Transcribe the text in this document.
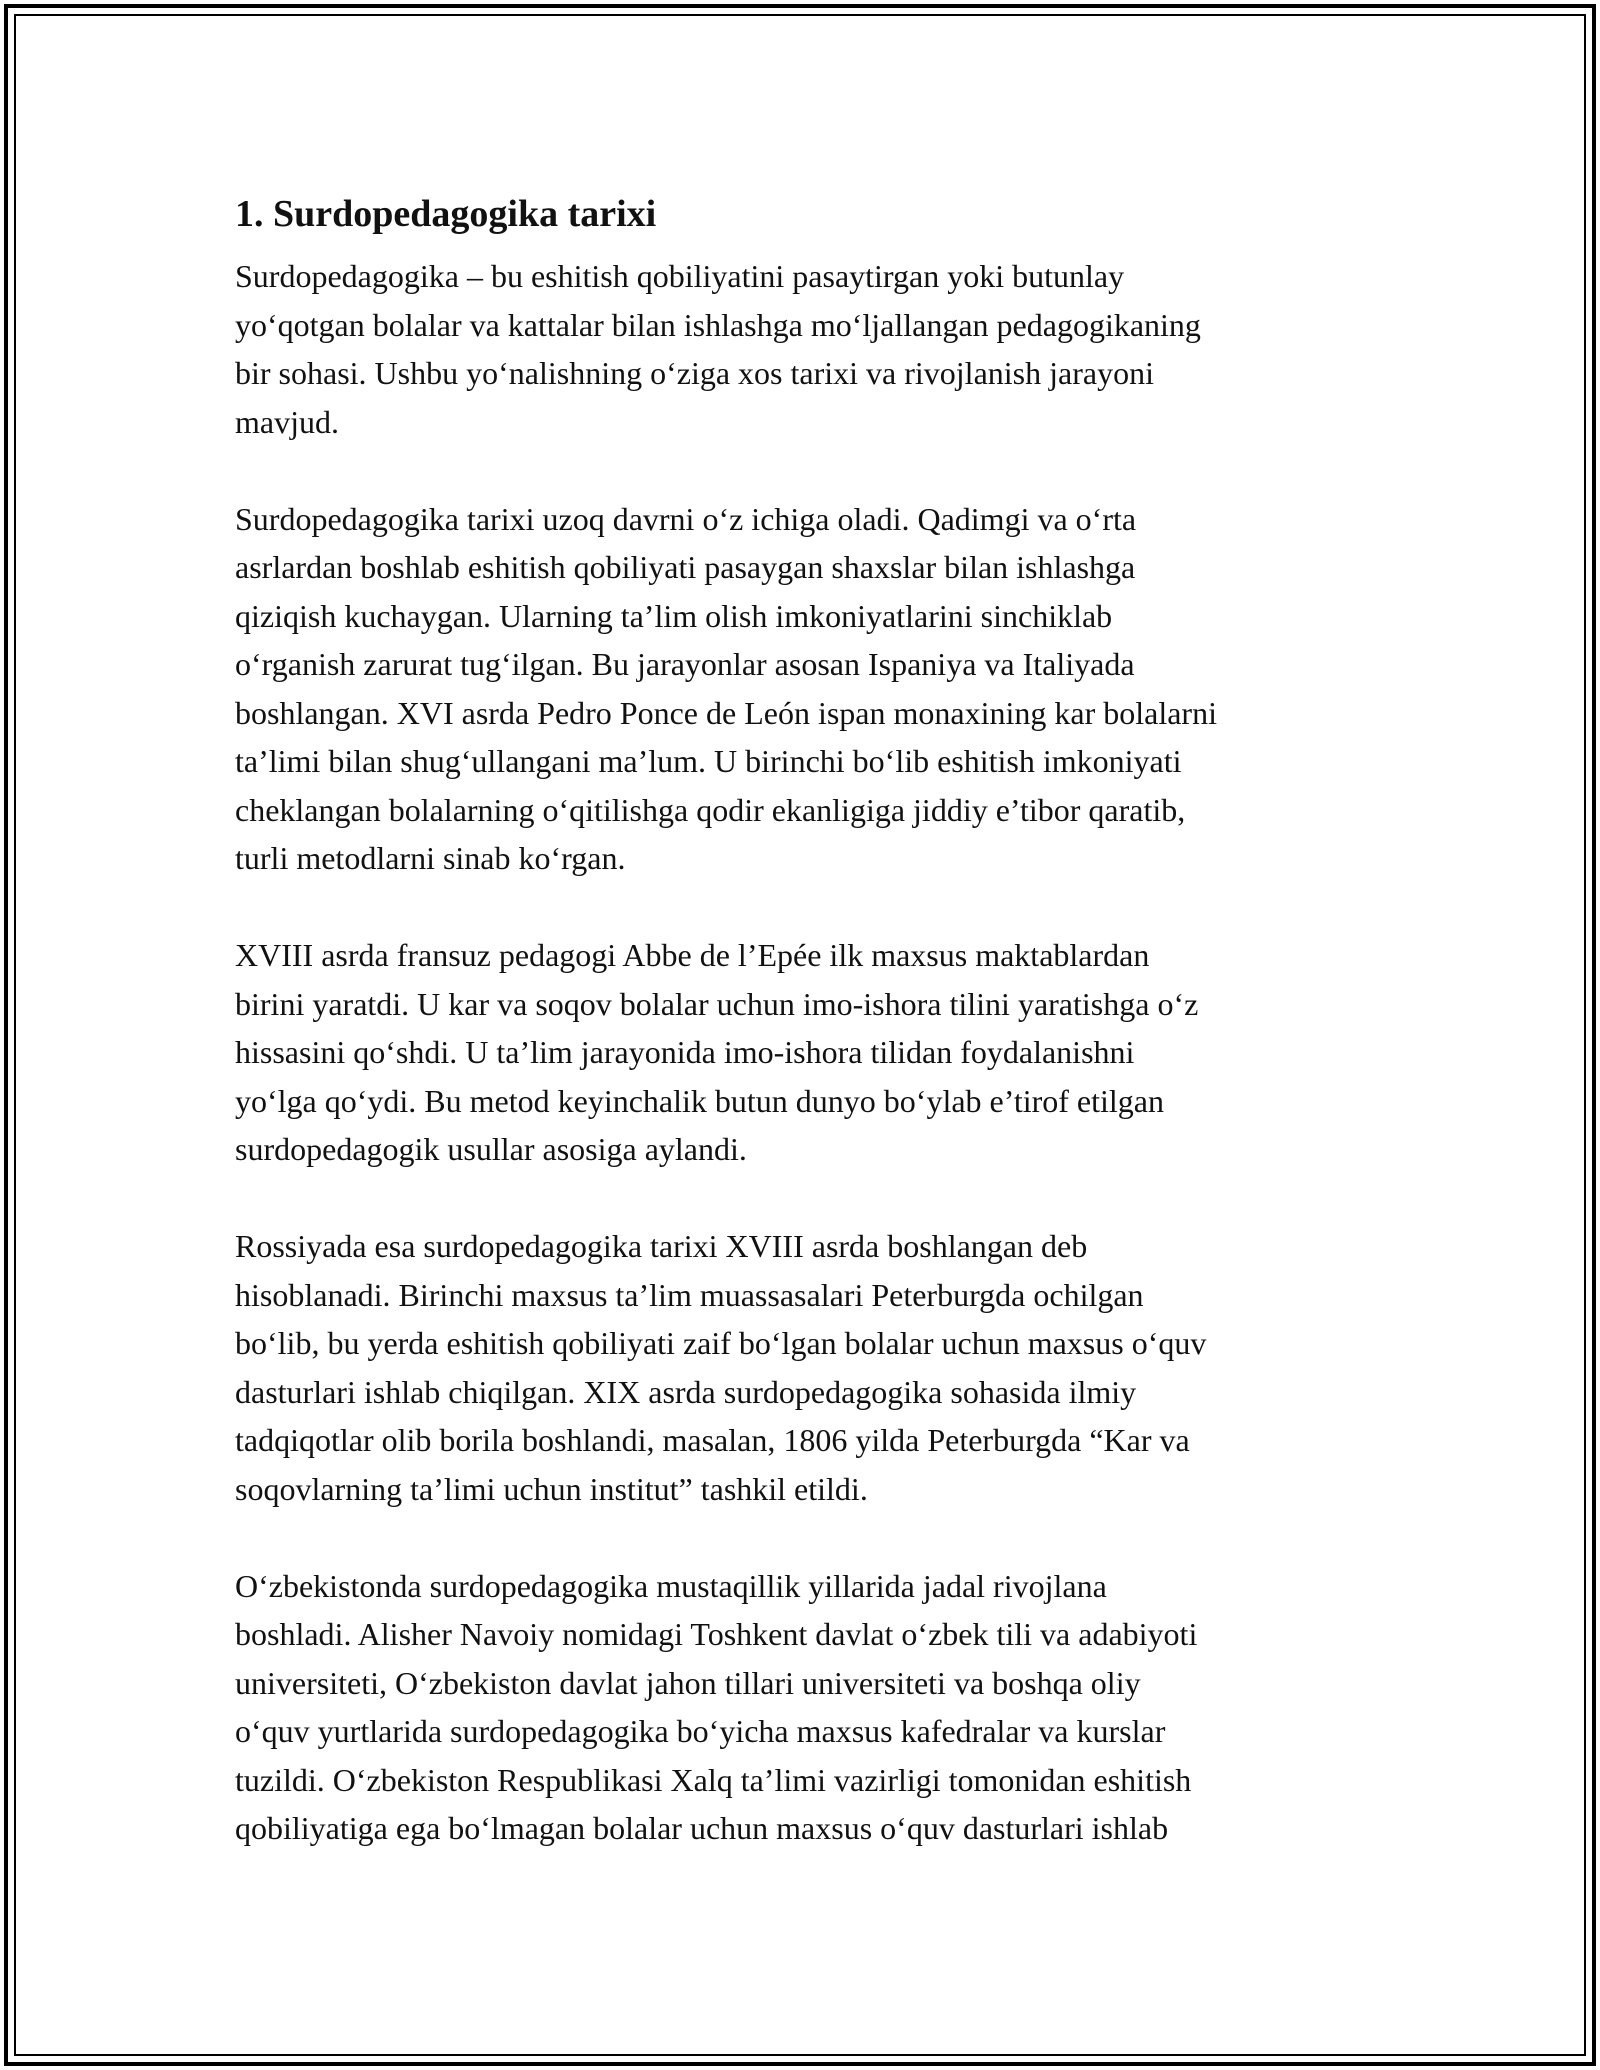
1. Surdopedagogika tarixi

Surdopedagogika – bu eshitish qobiliyatini pasaytirgan yoki butunlay
yo‘qotgan bolalar va kattalar bilan ishlashga mo‘ljallangan pedagogikaning
bir sohasi. Ushbu yo‘nalishning o‘ziga xos tarixi va rivojlanish jarayoni
mavjud.

Surdopedagogika tarixi uzoq davrni o‘z ichiga oladi. Qadimgi va o‘rta
asrlardan boshlab eshitish qobiliyati pasaygan shaxslar bilan ishlashga
qiziqish kuchaygan. Ularning ta’lim olish imkoniyatlarini sinchiklab
o‘rganish zarurat tug‘ilgan. Bu jarayonlar asosan Ispaniya va Italiyada
boshlangan. XVI asrda Pedro Ponce de León ispan monaxining kar bolalarni
ta’limi bilan shug‘ullangani ma’lum. U birinchi bo‘lib eshitish imkoniyati
cheklangan bolalarning o‘qitilishga qodir ekanligiga jiddiy e’tibor qaratib,
turli metodlarni sinab ko‘rgan.

XVIII asrda fransuz pedagogi Abbe de l’Epée ilk maxsus maktablardan
birini yaratdi. U kar va soqov bolalar uchun imo-ishora tilini yaratishga o‘z
hissasini qo‘shdi. U ta’lim jarayonida imo-ishora tilidan foydalanishni
yo‘lga qo‘ydi. Bu metod keyinchalik butun dunyo bo‘ylab e’tirof etilgan
surdopedagogik usullar asosiga aylandi.

Rossiyada esa surdopedagogika tarixi XVIII asrda boshlangan deb
hisoblanadi. Birinchi maxsus ta’lim muassasalari Peterburgda ochilgan
bo‘lib, bu yerda eshitish qobiliyati zaif bo‘lgan bolalar uchun maxsus o‘quv
dasturlari ishlab chiqilgan. XIX asrda surdopedagogika sohasida ilmiy
tadqiqotlar olib borila boshlandi, masalan, 1806 yilda Peterburgda “Kar va
soqovlarning ta’limi uchun institut” tashkil etildi.

O‘zbekistonda surdopedagogika mustaqillik yillarida jadal rivojlana
boshladi. Alisher Navoiy nomidagi Toshkent davlat o‘zbek tili va adabiyoti
universiteti, O‘zbekiston davlat jahon tillari universiteti va boshqa oliy
o‘quv yurtlarida surdopedagogika bo‘yicha maxsus kafedralar va kurslar
tuzildi. O‘zbekiston Respublikasi Xalq ta’limi vazirligi tomonidan eshitish
qobiliyatiga ega bo‘lmagan bolalar uchun maxsus o‘quv dasturlari ishlab
